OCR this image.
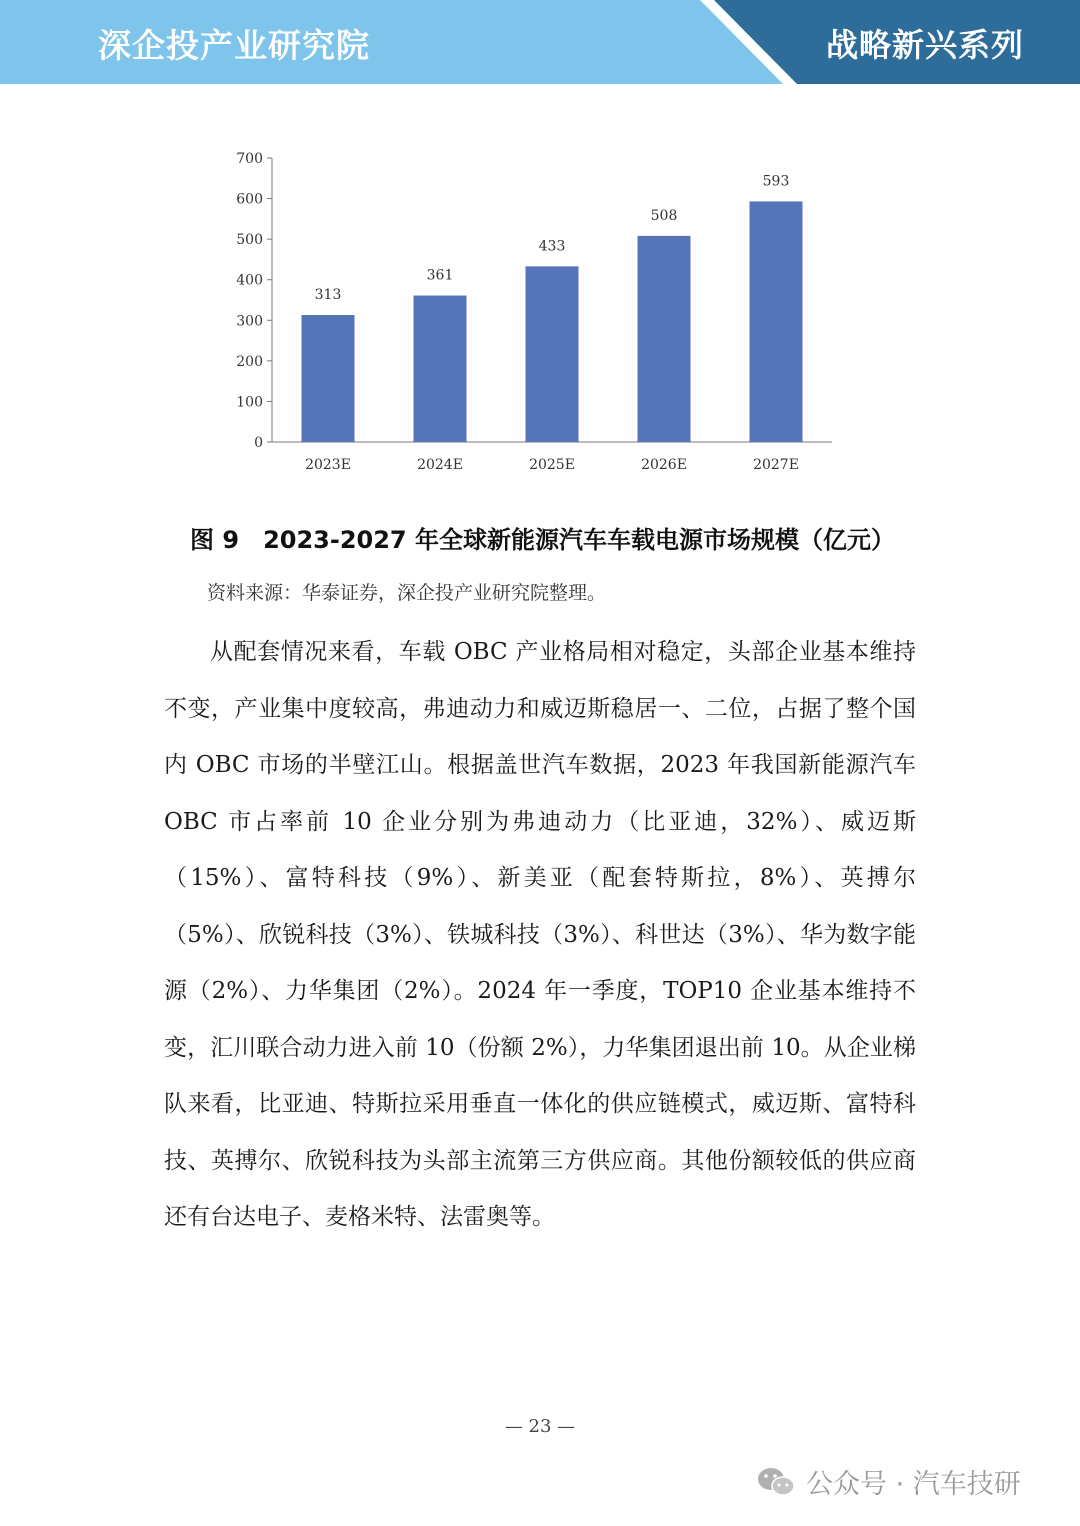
深企投产业研究院	战略新兴系列
0
100
200
300
400
500
600
700
313
2023E
361
2024E
433
2025E
508
2026E
593
2027E
图 9 2023-2027 年全球新能源汽车车载电源市场规模（亿元）
资料来源：华泰证券，深企投产业研究院整理。
从配套情况来看，车载 OBC 产业格局相对稳定，头部企业基本维持不变，产业集中度较高，弗迪动力和威迈斯稳居一、二位，占据了整个国内 OBC 市场的半壁江山。根据盖世汽车数据，2023 年我国新能源汽车 OBC 市占率前 10 企业分别为弗迪动力（比亚迪，32%）、威迈斯（15%）、富特科技（9%）、新美亚（配套特斯拉，8%）、英搏尔（5%）、欣锐科技（3%）、铁城科技（3%）、科世达（3%）、华为数字能源（2%）、力华集团（2%）。2024 年一季度，TOP10 企业基本维持不变，汇川联合动力进入前 10（份额 2%），力华集团退出前 10。从企业梯队来看，比亚迪、特斯拉采用垂直一体化的供应链模式，威迈斯、富特科技、英搏尔、欣锐科技为头部主流第三方供应商。其他份额较低的供应商还有台达电子、麦格米特、法雷奥等。
— 23 —
公众号 · 汽车技研
